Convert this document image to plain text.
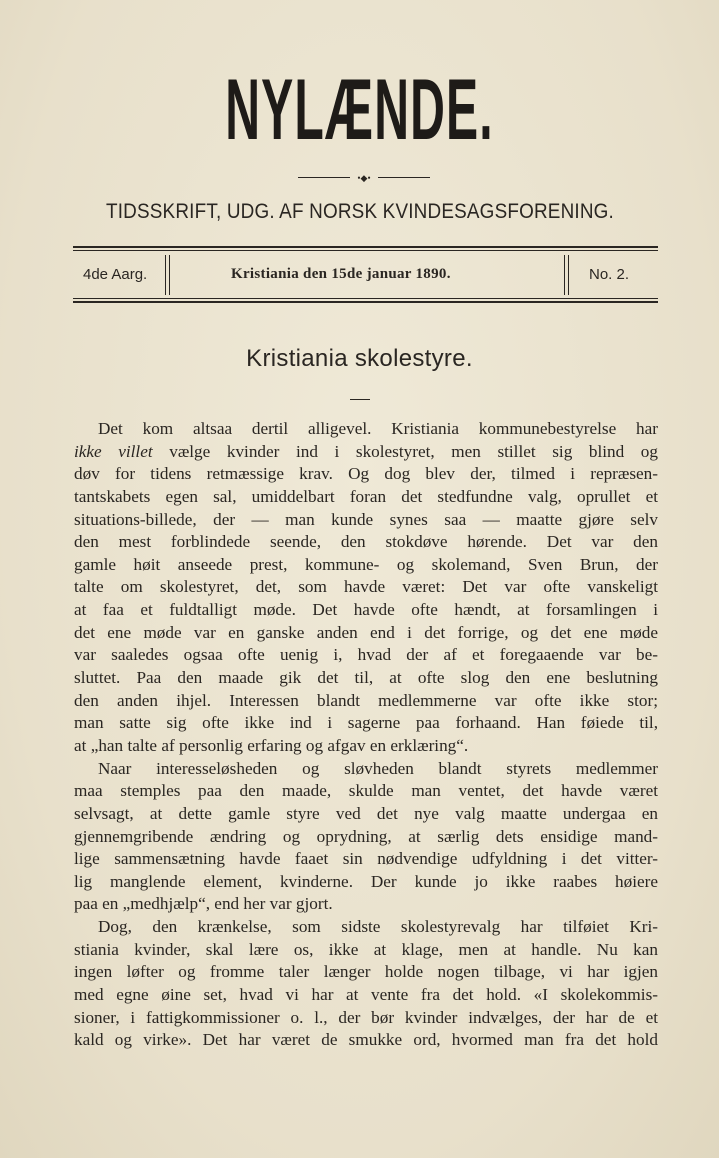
NYLÆNDE.
•◆•
TIDSSKRIFT, UDG. AF NORSK KVINDESAGSFORENING.
4de Aarg.	Kristiania den 15de januar 1890.	No. 2.
Kristiania skolestyre.
Det kom altsaa dertil alligevel. Kristiania kommunebestyrelse har
ikke villet vælge kvinder ind i skolestyret, men stillet sig blind og
døv for tidens retmæssige krav. Og dog blev der, tilmed i repræsen-
tantskabets egen sal, umiddelbart foran det stedfundne valg, oprullet et
situations-billede, der — man kunde synes saa — maatte gjøre selv
den mest forblindede seende, den stokdøve hørende. Det var den
gamle høit anseede prest, kommune- og skolemand, Sven Brun, der
talte om skolestyret, det, som havde været: Det var ofte vanskeligt
at faa et fuldtalligt møde. Det havde ofte hændt, at forsamlingen i
det ene møde var en ganske anden end i det forrige, og det ene møde
var saaledes ogsaa ofte uenig i, hvad der af et foregaaende var be-
sluttet. Paa den maade gik det til, at ofte slog den ene beslutning
den anden ihjel. Interessen blandt medlemmerne var ofte ikke stor;
man satte sig ofte ikke ind i sagerne paa forhaand. Han føiede til,
at „han talte af personlig erfaring og afgav en erklæring“.
Naar interesseløsheden og sløvheden blandt styrets medlemmer
maa stemples paa den maade, skulde man ventet, det havde været
selvsagt, at dette gamle styre ved det nye valg maatte undergaa en
gjennemgribende ændring og oprydning, at særlig dets ensidige mand-
lige sammensætning havde faaet sin nødvendige udfyldning i det vitter-
lig manglende element, kvinderne. Der kunde jo ikke raabes høiere
paa en „medhjælp“, end her var gjort.
Dog, den krænkelse, som sidste skolestyrevalg har tilføiet Kri-
stiania kvinder, skal lære os, ikke at klage, men at handle. Nu kan
ingen løfter og fromme taler længer holde nogen tilbage, vi har igjen
med egne øine set, hvad vi har at vente fra det hold. «I skolekommis-
sioner, i fattigkommissioner o. l., der bør kvinder indvælges, der har de et
kald og virke». Det har været de smukke ord, hvormed man fra det hold
